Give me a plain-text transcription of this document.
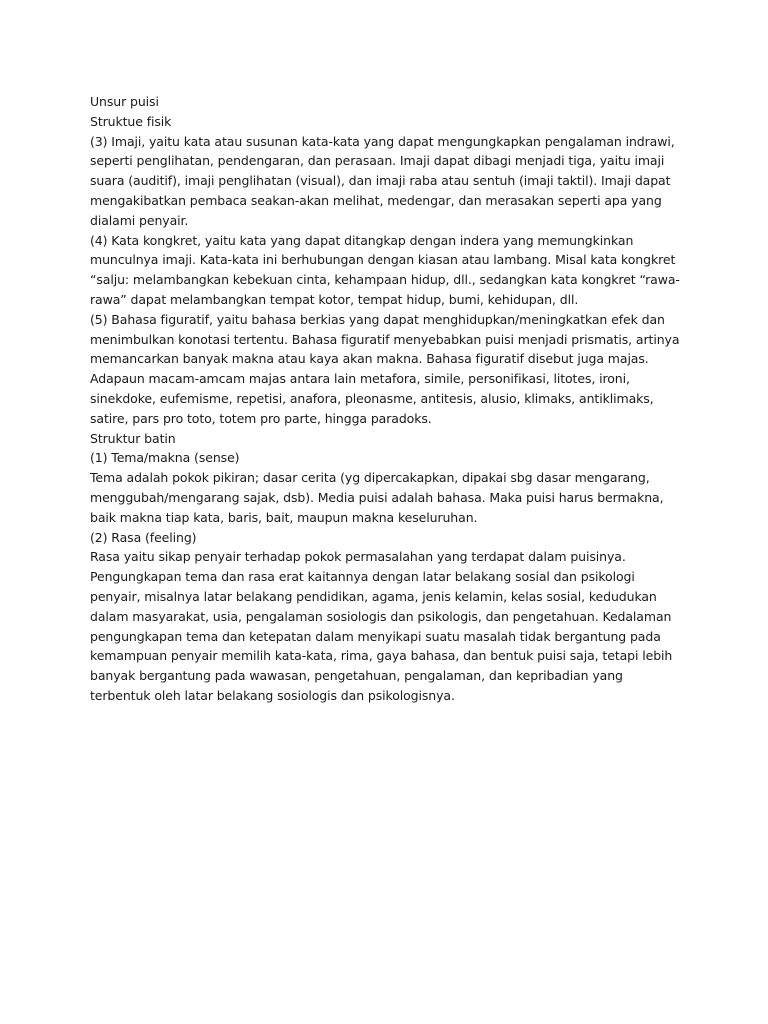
Unsur puisi

Struktue fisik

(3) Imaji, yaitu kata atau susunan kata-kata yang dapat mengungkapkan pengalaman indrawi, seperti penglihatan, pendengaran, dan perasaan. Imaji dapat dibagi menjadi tiga, yaitu imaji suara (auditif), imaji penglihatan (visual), dan imaji raba atau sentuh (imaji taktil). Imaji dapat mengakibatkan pembaca seakan-akan melihat, medengar, dan merasakan seperti apa yang dialami penyair.

(4) Kata kongkret, yaitu kata yang dapat ditangkap dengan indera yang memungkinkan munculnya imaji. Kata-kata ini berhubungan dengan kiasan atau lambang. Misal kata kongkret “salju: melambangkan kebekuan cinta, kehampaan hidup, dll., sedangkan kata kongkret “rawa-rawa” dapat melambangkan tempat kotor, tempat hidup, bumi, kehidupan, dll.

(5) Bahasa figuratif, yaitu bahasa berkias yang dapat menghidupkan/meningkatkan efek dan menimbulkan konotasi tertentu. Bahasa figuratif menyebabkan puisi menjadi prismatis, artinya memancarkan banyak makna atau kaya akan makna. Bahasa figuratif disebut juga majas. Adapaun macam-amcam majas antara lain metafora, simile, personifikasi, litotes, ironi, sinekdoke, eufemisme, repetisi, anafora, pleonasme, antitesis, alusio, klimaks, antiklimaks, satire, pars pro toto, totem pro parte, hingga paradoks.

Struktur batin

(1) Tema/makna (sense)

Tema adalah pokok pikiran; dasar cerita (yg dipercakapkan, dipakai sbg dasar mengarang, menggubah/mengarang sajak, dsb). Media puisi adalah bahasa. Maka puisi harus bermakna, baik makna tiap kata, baris, bait, maupun makna keseluruhan.

(2) Rasa (feeling)

Rasa yaitu sikap penyair terhadap pokok permasalahan yang terdapat dalam puisinya. Pengungkapan tema dan rasa erat kaitannya dengan latar belakang sosial dan psikologi penyair, misalnya latar belakang pendidikan, agama, jenis kelamin, kelas sosial, kedudukan dalam masyarakat, usia, pengalaman sosiologis dan psikologis, dan pengetahuan. Kedalaman pengungkapan tema dan ketepatan dalam menyikapi suatu masalah tidak bergantung pada kemampuan penyair memilih kata-kata, rima, gaya bahasa, dan bentuk puisi saja, tetapi lebih banyak bergantung pada wawasan, pengetahuan, pengalaman, dan kepribadian yang terbentuk oleh latar belakang sosiologis dan psikologisnya.
